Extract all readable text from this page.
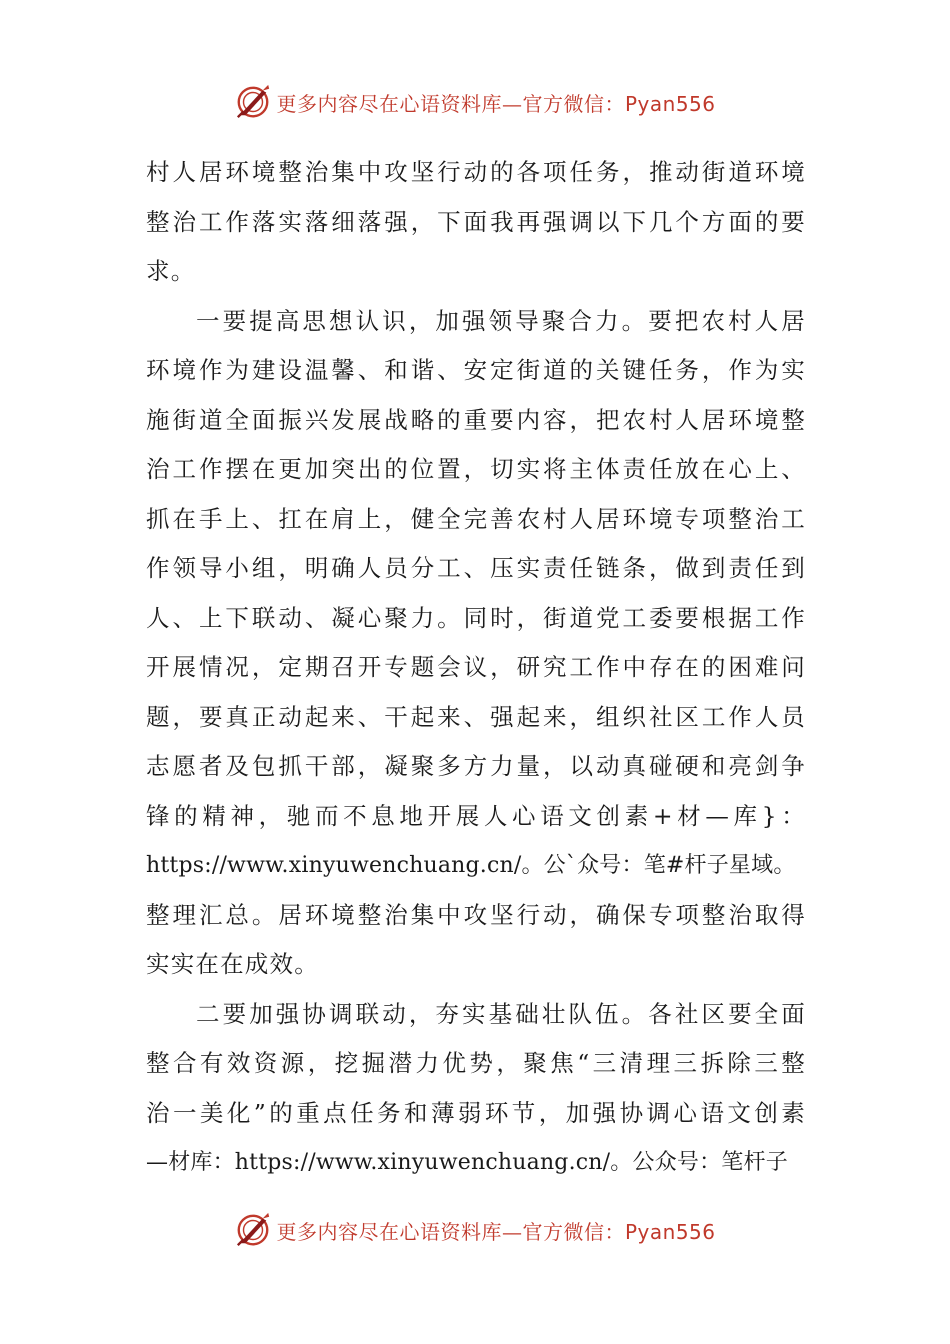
更多内容尽在心语资料库—官方微信：Pyan556
村人居环境整治集中攻坚行动的各项任务，推动街道环境
整治工作落实落细落强，下面我再强调以下几个方面的要
求。
一要提高思想认识，加强领导聚合力。要把农村人居
环境作为建设温馨、和谐、安定街道的关键任务，作为实
施街道全面振兴发展战略的重要内容，把农村人居环境整
治工作摆在更加突出的位置，切实将主体责任放在心上、
抓在手上、扛在肩上，健全完善农村人居环境专项整治工
作领导小组，明确人员分工、压实责任链条，做到责任到
人、上下联动、凝心聚力。同时，街道党工委要根据工作
开展情况，定期召开专题会议，研究工作中存在的困难问
题，要真正动起来、干起来、强起来，组织社区工作人员
志愿者及包抓干部，凝聚多方力量，以动真碰硬和亮剑争
锋的精神，驰而不息地开展人心语文创素+材—库}：
https://www.xinyuwenchuang.cn/。公`众号：笔#杆子星域。
整理汇总。居环境整治集中攻坚行动，确保专项整治取得
实实在在成效。
二要加强协调联动，夯实基础壮队伍。各社区要全面
整合有效资源，挖掘潜力优势，聚焦“三清理三拆除三整
治一美化”的重点任务和薄弱环节，加强协调心语文创素
—材库：https://www.xinyuwenchuang.cn/。公众号：笔杆子
更多内容尽在心语资料库—官方微信：Pyan556
